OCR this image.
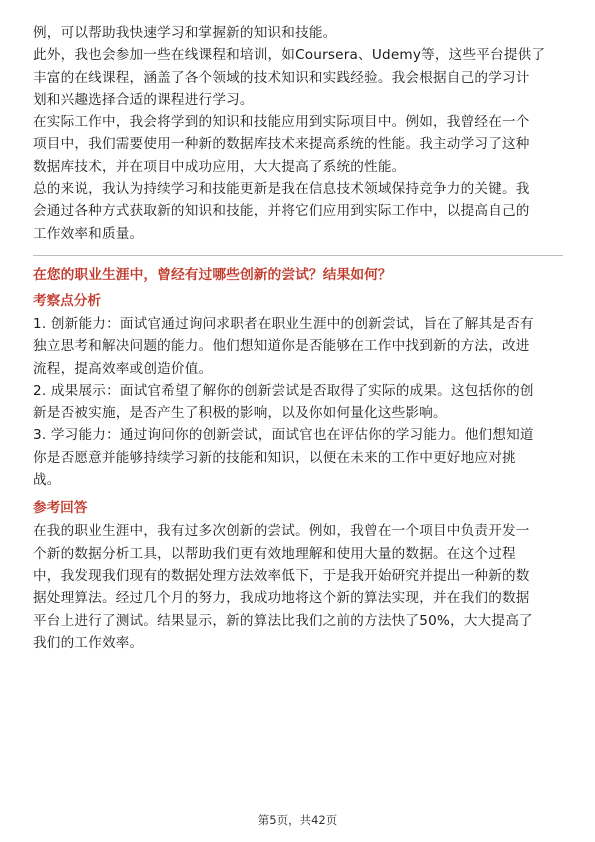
例，可以帮助我快速学习和掌握新的知识和技能。
此外，我也会参加一些在线课程和培训，如Coursera、Udemy等，这些平台提供了
丰富的在线课程，涵盖了各个领域的技术知识和实践经验。我会根据自己的学习计
划和兴趣选择合适的课程进行学习。
在实际工作中，我会将学到的知识和技能应用到实际项目中。例如，我曾经在一个
项目中，我们需要使用一种新的数据库技术来提高系统的性能。我主动学习了这种
数据库技术，并在项目中成功应用，大大提高了系统的性能。
总的来说，我认为持续学习和技能更新是我在信息技术领域保持竞争力的关键。我
会通过各种方式获取新的知识和技能，并将它们应用到实际工作中，以提高自己的
工作效率和质量。
在您的职业生涯中，曾经有过哪些创新的尝试？结果如何？
考察点分析
1. 创新能力：面试官通过询问求职者在职业生涯中的创新尝试，旨在了解其是否有
独立思考和解决问题的能力。他们想知道你是否能够在工作中找到新的方法，改进
流程，提高效率或创造价值。
2. 成果展示：面试官希望了解你的创新尝试是否取得了实际的成果。这包括你的创
新是否被实施，是否产生了积极的影响，以及你如何量化这些影响。
3. 学习能力：通过询问你的创新尝试，面试官也在评估你的学习能力。他们想知道
你是否愿意并能够持续学习新的技能和知识，以便在未来的工作中更好地应对挑
战。
参考回答
在我的职业生涯中，我有过多次创新的尝试。例如，我曾在一个项目中负责开发一
个新的数据分析工具，以帮助我们更有效地理解和使用大量的数据。在这个过程
中，我发现我们现有的数据处理方法效率低下，于是我开始研究并提出一种新的数
据处理算法。经过几个月的努力，我成功地将这个新的算法实现，并在我们的数据
平台上进行了测试。结果显示，新的算法比我们之前的方法快了50%，大大提高了
我们的工作效率。
第5页，共42页
